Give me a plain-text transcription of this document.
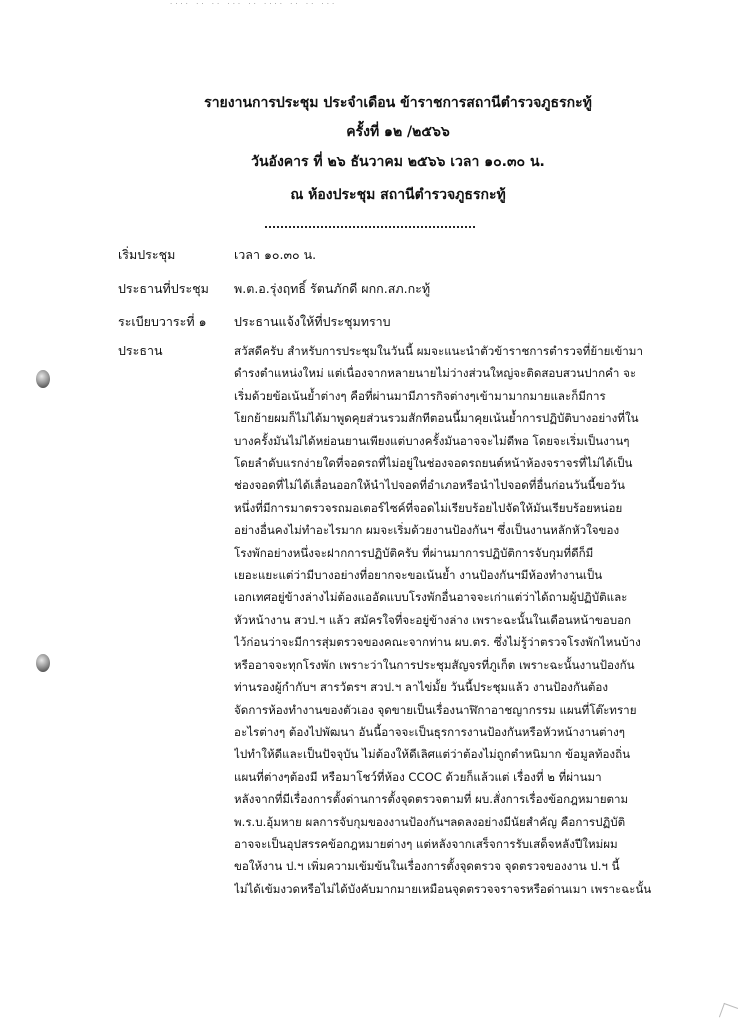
···· ·· ·· ··· ·· ···· ·· ·· ···
รายงานการประชุม ประจำเดือน ข้าราชการสถานีตำรวจภูธรกะทู้
ครั้งที่ ๑๒ /๒๕๖๖
วันอังคาร ที่ ๒๖ ธันวาคม ๒๕๖๖ เวลา ๑๐.๓๐ น.
ณ ห้องประชุม สถานีตำรวจภูธรกะทู้
เริ่มประชุม	เวลา ๑๐.๓๐ น.
ประธานที่ประชุม พ.ต.อ.รุ่งฤทธิ์ รัตนภักดี ผกก.สภ.กะทู้
ระเบียบวาระที่ ๑ ประธานแจ้งให้ที่ประชุมทราบ
ประธาน	สวัสดีครับ สำหรับการประชุมในวันนี้ ผมจะแนะนำตัวข้าราชการตำรวจที่ย้ายเข้ามา
ดำรงตำแหน่งใหม่ แต่เนื่องจากหลายนายไม่ว่างส่วนใหญ่จะติดสอบสวนปากคำ จะ
เริ่มด้วยข้อเน้นย้ำต่างๆ คือที่ผ่านมามีภารกิจต่างๆเข้ามามากมายและก็มีการ
โยกย้ายผมก็ไม่ได้มาพูดคุยส่วนรวมสักทีตอนนี้มาคุยเน้นย้ำการปฏิบัติบางอย่างที่ใน
บางครั้งมันไม่ได้หย่อนยานเพียงแต่บางครั้งมันอาจจะไม่ดีพอ โดยจะเริ่มเป็นงานๆ
โดยลำดับแรกง่ายใดที่จอดรถที่ไม่อยู่ในช่องจอดรถยนต์หน้าห้องจราจรที่ไม่ได้เป็น
ช่องจอดที่ไม่ได้เลื่อนออกให้นำไปจอดที่อำเภอหรือนำไปจอดที่อื่นก่อนวันนี้ขอวัน
หนึ่งที่มีการมาตรวจรถมอเตอร์ไซค์ที่จอดไม่เรียบร้อยไปจัดให้มันเรียบร้อยหน่อย
อย่างอื่นคงไม่ทำอะไรมาก ผมจะเริ่มด้วยงานป้องกันฯ ซึ่งเป็นงานหลักหัวใจของ
โรงพักอย่างหนึ่งจะฝากการปฏิบัติครับ ที่ผ่านมาการปฏิบัติการจับกุมที่ดีก็มี
เยอะแยะแต่ว่ามีบางอย่างที่อยากจะขอเน้นย้ำ งานป้องกันฯมีห้องทำงานเป็น
เอกเทศอยู่ข้างล่างไม่ต้องแออัดแบบโรงพักอื่นอาจจะเก่าแต่ว่าได้ถามผู้ปฏิบัติและ
หัวหน้างาน สวป.ฯ แล้ว สมัครใจที่จะอยู่ข้างล่าง เพราะฉะนั้นในเดือนหน้าขอบอก
ไว้ก่อนว่าจะมีการสุ่มตรวจของคณะจากท่าน ผบ.ตร. ซึ่งไม่รู้ว่าตรวจโรงพักไหนบ้าง
หรืออาจจะทุกโรงพัก เพราะว่าในการประชุมสัญจรที่ภูเก็ต เพราะฉะนั้นงานป้องกัน
ท่านรองผู้กำกับฯ สารวัตรฯ สวป.ฯ ลาไข่มั้ย วันนี้ประชุมแล้ว งานป้องกันต้อง
จัดการห้องทำงานของตัวเอง จุดขายเป็นเรื่องนาฬิกาอาชญากรรม แผนที่โต๊ะทราย
อะไรต่างๆ ต้องไปพัฒนา อันนี้อาจจะเป็นธุรการงานป้องกันหรือหัวหน้างานต่างๆ
ไปทำให้ดีและเป็นปัจจุบัน ไม่ต้องให้ดีเลิศแต่ว่าต้องไม่ถูกตำหนิมาก ข้อมูลท้องถิ่น
แผนที่ต่างๆต้องมี หรือมาโชว์ที่ห้อง CCOC ด้วยก็แล้วแต่ เรื่องที่ ๒ ที่ผ่านมา
หลังจากที่มีเรื่องการตั้งด่านการตั้งจุดตรวจตามที่ ผบ.สั่งการเรื่องข้อกฎหมายตาม
พ.ร.บ.อุ้มหาย ผลการจับกุมของงานป้องกันฯลดลงอย่างมีนัยสำคัญ คือการปฏิบัติ
อาจจะเป็นอุปสรรคข้อกฎหมายต่างๆ แต่หลังจากเสร็จการรับเสด็จหลังปีใหม่ผม
ขอให้งาน ป.ฯ เพิ่มความเข้มข้นในเรื่องการตั้งจุดตรวจ จุดตรวจของงาน ป.ฯ นี้
ไม่ได้เข้มงวดหรือไม่ได้บังคับมากมายเหมือนจุดตรวจจราจรหรือด่านเมา เพราะฉะนั้น
